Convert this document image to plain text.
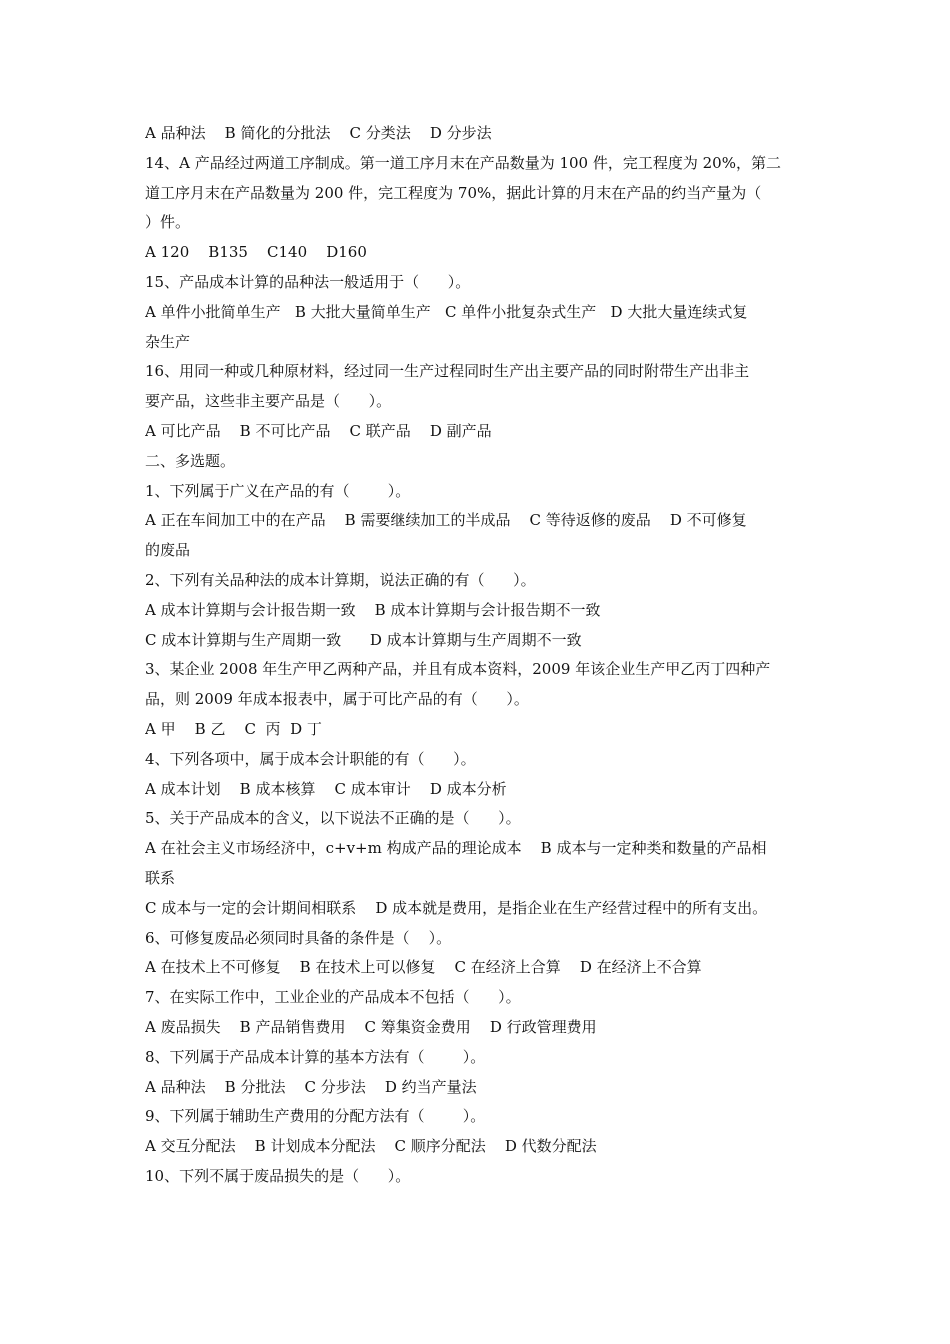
A 品种法    B 简化的分批法    C 分类法    D 分步法
14、A 产品经过两道工序制成。第一道工序月末在产品数量为 100 件，完工程度为 20%，第二
道工序月末在产品数量为 200 件，完工程度为 70%，据此计算的月末在产品的约当产量为（
）件。
A 120    B135    C140    D160
15、产品成本计算的品种法一般适用于（      ）。
A 单件小批简单生产   B 大批大量简单生产   C 单件小批复杂式生产   D 大批大量连续式复
杂生产
16、用同一种或几种原材料，经过同一生产过程同时生产出主要产品的同时附带生产出非主
要产品，这些非主要产品是（      ）。
A 可比产品    B 不可比产品    C 联产品    D 副产品
二、多选题。
1、下列属于广义在产品的有（        ）。
A 正在车间加工中的在产品    B 需要继续加工的半成品    C 等待返修的废品    D 不可修复
的废品
2、下列有关品种法的成本计算期，说法正确的有（      ）。
A 成本计算期与会计报告期一致    B 成本计算期与会计报告期不一致
C 成本计算期与生产周期一致      D 成本计算期与生产周期不一致
3、某企业 2008 年生产甲乙两种产品，并且有成本资料，2009 年该企业生产甲乙丙丁四种产
品，则 2009 年成本报表中，属于可比产品的有（      ）。
A 甲    B 乙    C  丙  D 丁
4、下列各项中，属于成本会计职能的有（      ）。
A 成本计划    B 成本核算    C 成本审计    D 成本分析
5、关于产品成本的含义，以下说法不正确的是（      ）。
A 在社会主义市场经济中，c+v+m 构成产品的理论成本    B 成本与一定种类和数量的产品相
联系
C 成本与一定的会计期间相联系    D 成本就是费用，是指企业在生产经营过程中的所有支出。
6、可修复废品必须同时具备的条件是（    ）。
A 在技术上不可修复    B 在技术上可以修复    C 在经济上合算    D 在经济上不合算
7、在实际工作中，工业企业的产品成本不包括（      ）。
A 废品损失    B 产品销售费用    C 筹集资金费用    D 行政管理费用
8、下列属于产品成本计算的基本方法有（        ）。
A 品种法    B 分批法    C 分步法    D 约当产量法
9、下列属于辅助生产费用的分配方法有（        ）。
A 交互分配法    B 计划成本分配法    C 顺序分配法    D 代数分配法
10、下列不属于废品损失的是（      ）。
